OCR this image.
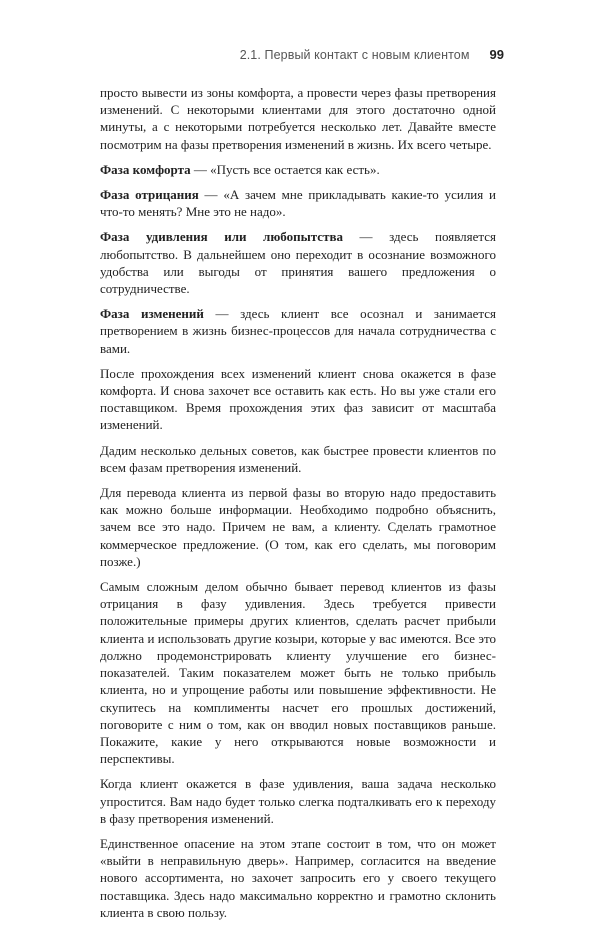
2.1. Первый контакт с новым клиентом 99

просто вывести из зоны комфорта, а провести через фазы претворения изменений. С некоторыми клиентами для этого достаточно одной минуты, а с некоторыми потребуется несколько лет. Давайте вместе посмотрим на фазы претворения изменений в жизнь. Их всего четыре.

Фаза комфорта — «Пусть все остается как есть».

Фаза отрицания — «А зачем мне прикладывать какие-то усилия и что-то менять? Мне это не надо».

Фаза удивления или любопытства — здесь появляется любопытство. В дальнейшем оно переходит в осознание возможного удобства или выгоды от принятия вашего предложения о сотрудничестве.

Фаза изменений — здесь клиент все осознал и занимается претворением в жизнь бизнес-процессов для начала сотрудничества с вами.

После прохождения всех изменений клиент снова окажется в фазе комфорта. И снова захочет все оставить как есть. Но вы уже стали его поставщиком. Время прохождения этих фаз зависит от масштаба изменений.

Дадим несколько дельных советов, как быстрее провести клиентов по всем фазам претворения изменений.

Для перевода клиента из первой фазы во вторую надо предоставить как можно больше информации. Необходимо подробно объяснить, зачем все это надо. Причем не вам, а клиенту. Сделать грамотное коммерческое предложение. (О том, как его сделать, мы поговорим позже.)

Самым сложным делом обычно бывает перевод клиентов из фазы отрицания в фазу удивления. Здесь требуется привести положительные примеры других клиентов, сделать расчет прибыли клиента и использовать другие козыри, которые у вас имеются. Все это должно продемонстрировать клиенту улучшение его бизнес-показателей. Таким показателем может быть не только прибыль клиента, но и упрощение работы или повышение эффективности. Не скупитесь на комплименты насчет его прошлых достижений, поговорите с ним о том, как он вводил новых поставщиков раньше. Покажите, какие у него открываются новые возможности и перспективы.

Когда клиент окажется в фазе удивления, ваша задача несколько упростится. Вам надо будет только слегка подталкивать его к переходу в фазу претворения изменений.

Единственное опасение на этом этапе состоит в том, что он может «выйти в неправильную дверь». Например, согласится на введение нового ассортимента, но захочет запросить его у своего текущего поставщика. Здесь надо максимально корректно и грамотно склонить клиента в свою пользу.
